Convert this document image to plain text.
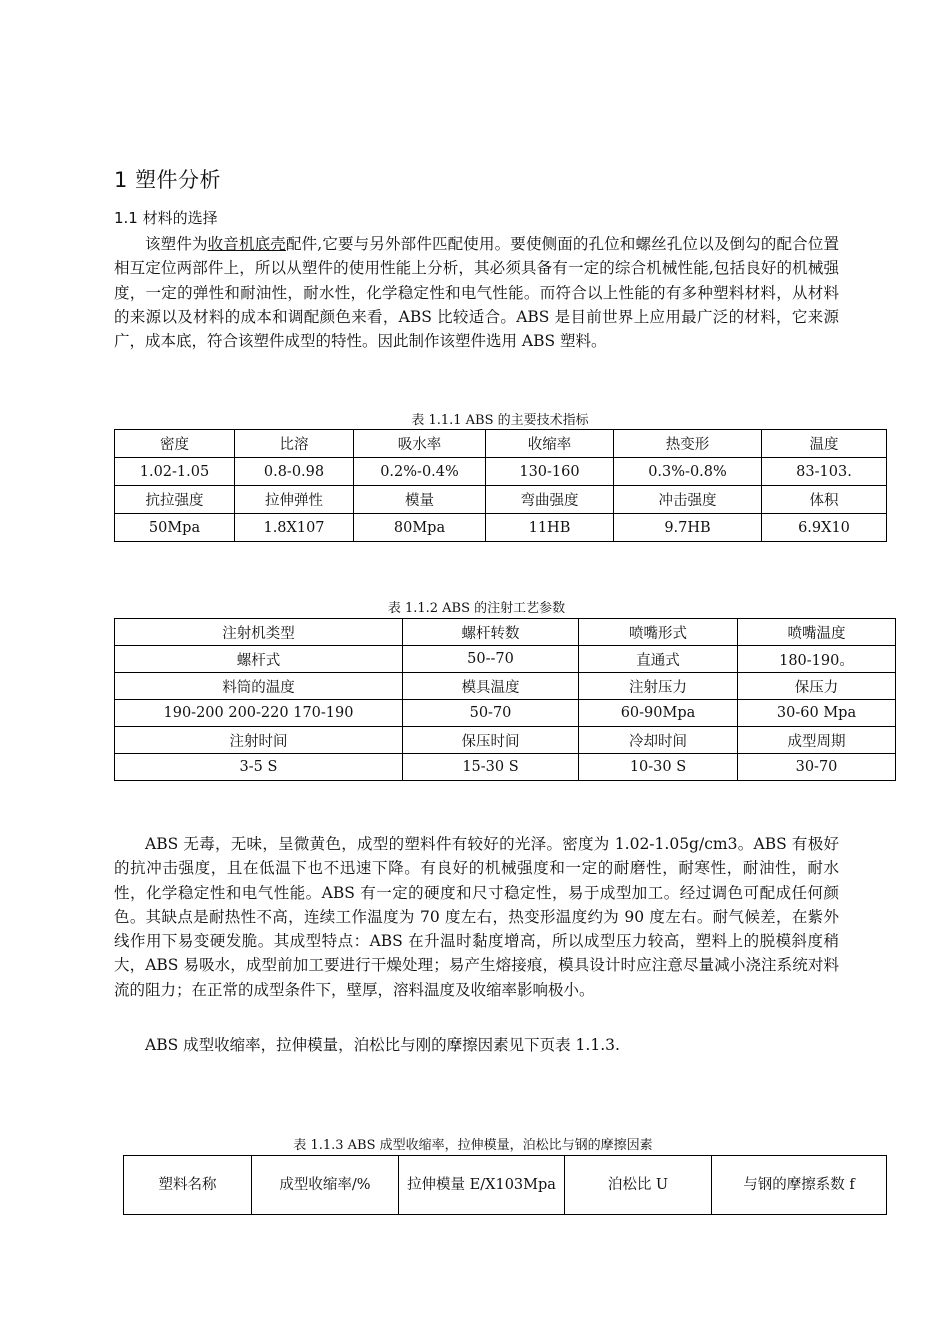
1 塑件分析
1.1 材料的选择

该塑件为收音机底壳配件,它要与另外部件匹配使用。要使侧面的孔位和螺丝孔位以及倒勾的配合位置相互定位两部件上，所以从塑件的使用性能上分析，其必须具备有一定的综合机械性能,包括良好的机械强度，一定的弹性和耐油性，耐水性，化学稳定性和电气性能。而符合以上性能的有多种塑料材料，从材料的来源以及材料的成本和调配颜色来看，ABS 比较适合。ABS 是目前世界上应用最广泛的材料，它来源广，成本底，符合该塑件成型的特性。因此制作该塑件选用 ABS 塑料。

表 1.1.1 ABS 的主要技术指标
密度	比溶	吸水率	收缩率	热变形	温度
1.02-1.05	0.8-0.98	0.2%-0.4%	130-160	0.3%-0.8%	83-103.
抗拉强度	拉伸弹性	模量	弯曲强度	冲击强度	体积
50Mpa	1.8X107	80Mpa	11HB	9.7HB	6.9X10
表 1.1.2 ABS 的注射工艺参数
注射机类型	螺杆转数	喷嘴形式	喷嘴温度
螺杆式	50--70	直通式	180-190。
料筒的温度	模具温度	注射压力	保压力
190-200 200-220 170-190	50-70	60-90Mpa	30-60 Mpa
注射时间	保压时间	冷却时间	成型周期
3-5 S	15-30 S	10-30 S	30-70

ABS 无毒，无味，呈微黄色，成型的塑料件有较好的光泽。密度为 1.02-1.05g/cm3。ABS 有极好的抗冲击强度，且在低温下也不迅速下降。有良好的机械强度和一定的耐磨性，耐寒性，耐油性，耐水性，化学稳定性和电气性能。ABS 有一定的硬度和尺寸稳定性，易于成型加工。经过调色可配成任何颜色。其缺点是耐热性不高，连续工作温度为 70 度左右，热变形温度约为 90 度左右。耐气候差，在紫外线作用下易变硬发脆。其成型特点：ABS 在升温时黏度增高，所以成型压力较高，塑料上的脱模斜度稍大，ABS 易吸水，成型前加工要进行干燥处理；易产生熔接痕，模具设计时应注意尽量减小浇注系统对料流的阻力；在正常的成型条件下，壁厚，溶料温度及收缩率影响极小。

ABS 成型收缩率，拉伸模量，泊松比与刚的摩擦因素见下页表 1.1.3.

表 1.1.3 ABS 成型收缩率，拉伸模量，泊松比与钢的摩擦因素
塑料名称	成型收缩率/%	拉伸模量 E/X103Mpa	泊松比 U	与钢的摩擦系数 f
